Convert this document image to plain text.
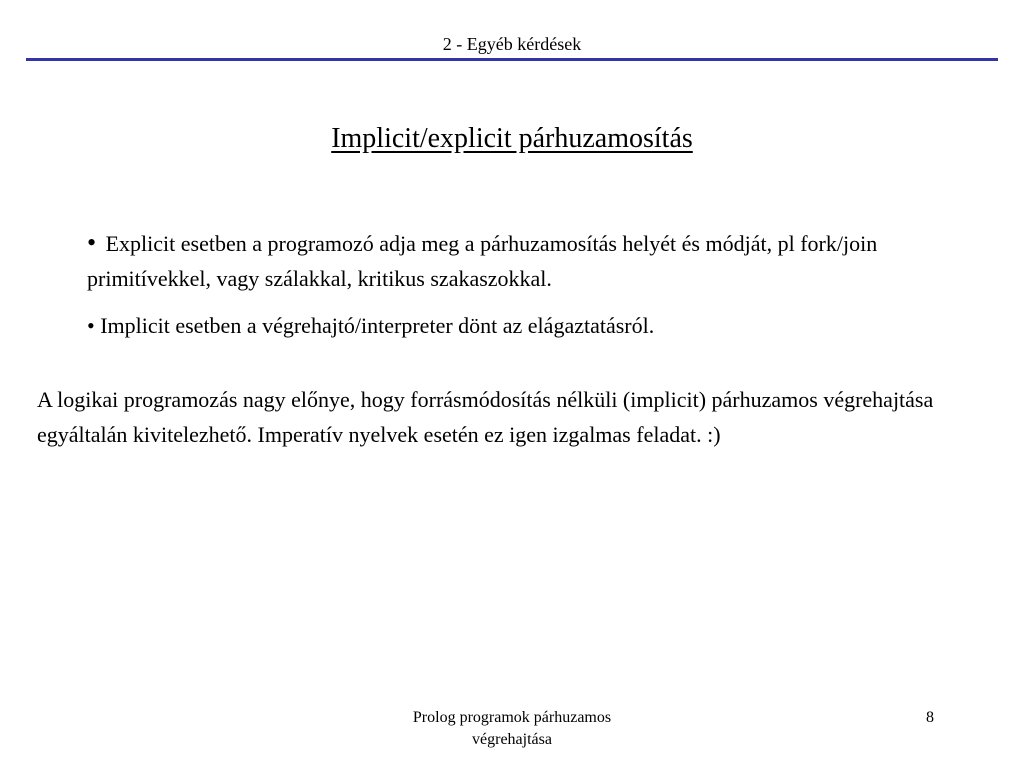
2 - Egyéb kérdések
Implicit/explicit párhuzamosítás
• Explicit esetben a programozó adja meg a párhuzamosítás helyét és módját, pl fork/join primitívekkel, vagy szálakkal, kritikus szakaszokkal.
• Implicit esetben a végrehajtó/interpreter dönt az elágaztatásról.
A logikai programozás nagy előnye, hogy forrásmódosítás nélküli (implicit) párhuzamos végrehajtása egyáltalán kivitelezhető. Imperatív nyelvek esetén ez igen izgalmas feladat. :)
Prolog programok párhuzamos
végrehajtása
8
